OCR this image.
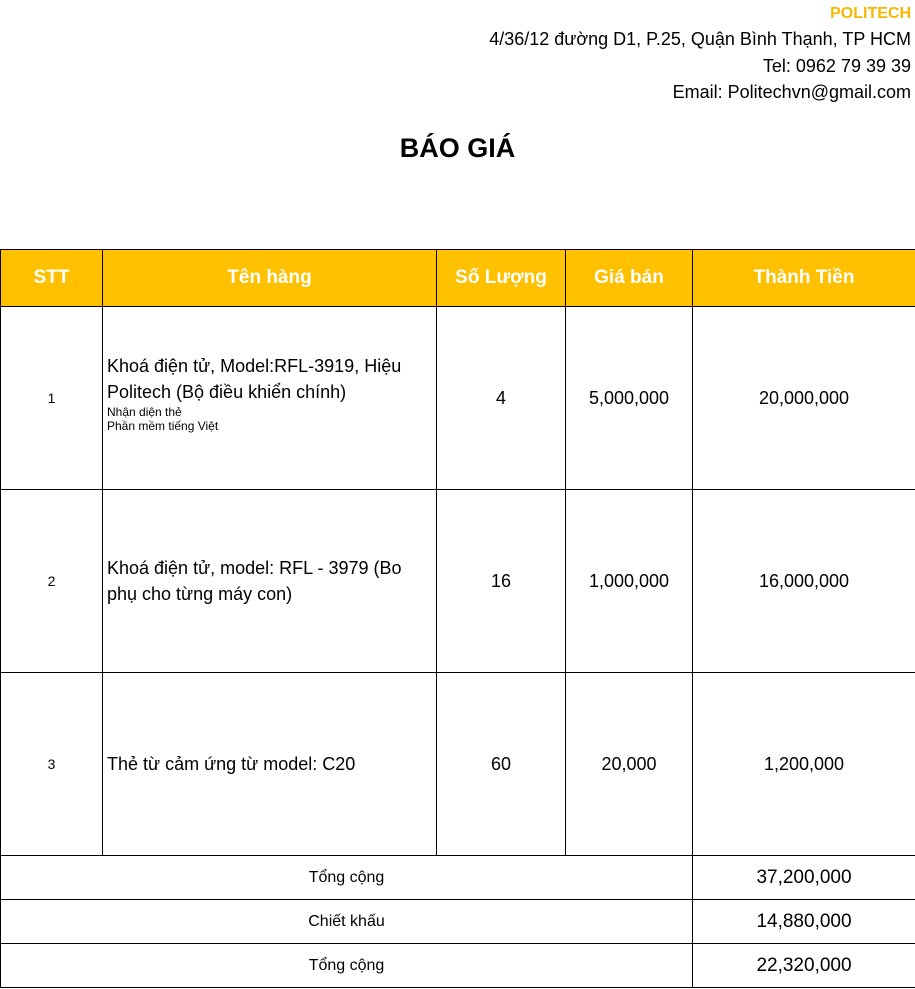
POLITECH
4/36/12 đường D1, P.25, Quận Bình Thạnh, TP HCM
Tel: 0962 79 39 39
Email: Politechvn@gmail.com
BÁO GIÁ
STT	Tên hàng	Số Lượng	Giá bán	Thành Tiền
1	Khoá điện tử, Model:RFL-3919, Hiệu Politech (Bộ điều khiển chính)
Nhận diện thẻ
Phần mềm tiếng Việt	4	5,000,000	20,000,000
2	Khoá điện tử, model: RFL - 3979 (Bo phụ cho từng máy con)	16	1,000,000	16,000,000
3	Thẻ từ cảm ứng từ model: C20	60	20,000	1,200,000
Tổng cộng				37,200,000
Chiết khấu				14,880,000
Tổng cộng				22,320,000
